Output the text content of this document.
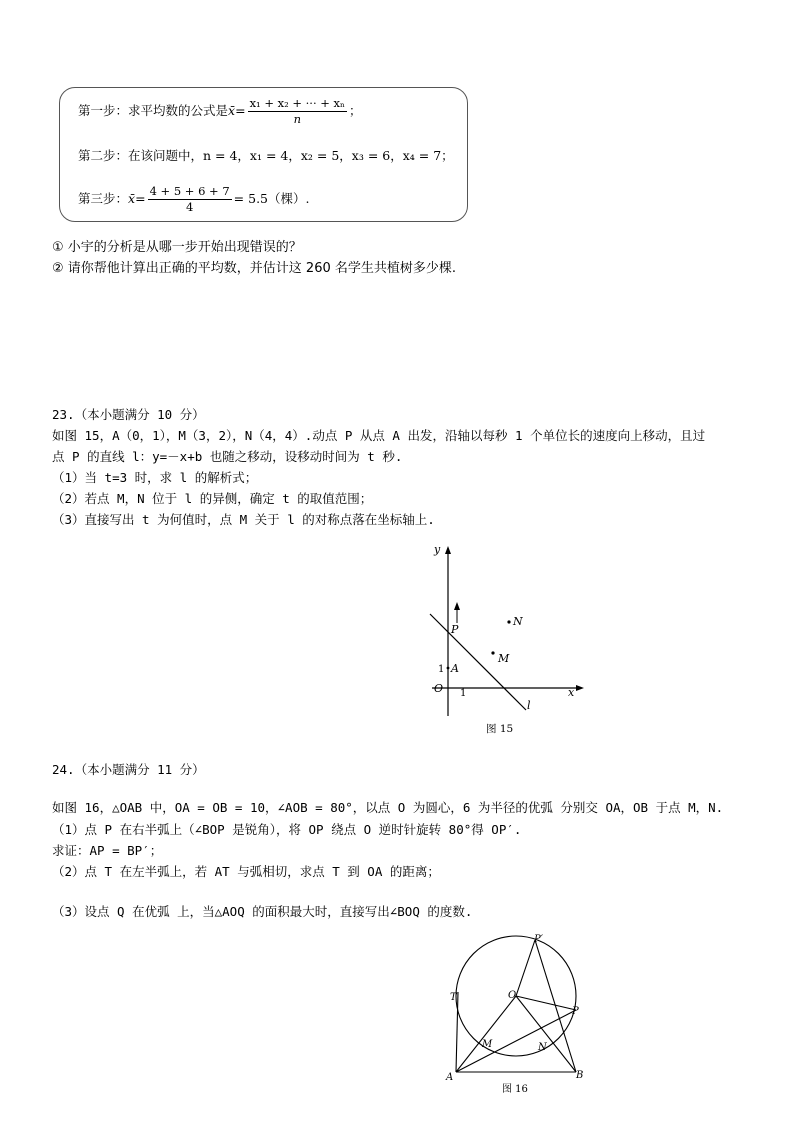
第一步：求平均数的公式是x̄= $\frac{\text{x₁ + x₂ + ··· + xₙ}}{n}$ ；
第二步：在该问题中，n = 4，x₁ = 4，x₂ = 5，x₃ = 6，x₄ = 7；
第三步：x̄= $\frac{4 + 5 + 6 + 7}{4} = 5.5$（棵）.
① 小宇的分析是从哪一步开始出现错误的？
② 请你帮他计算出正确的平均数，并估计这 260 名学生共植树多少棵.
23.（本小题满分 10 分）
如图 15，A（0，1），M（3，2），N（4，4）.动点 P 从点 A 出发，沿轴以每秒 1 个单位长的速度向上移动，且过
点 P 的直线 l：y=－x+b 也随之移动，设移动时间为 t 秒.
（1）当 t=3 时，求 l 的解析式；
（2）若点 M，N 位于 l 的异侧，确定 t 的取值范围；
（3）直接写出 t 为何值时，点 M 关于 l 的对称点落在坐标轴上.
y
x
O 1
1 A
P
N
M
l
图 15
24.（本小题满分 11 分）
如图 16，△OAB 中，OA = OB = 10，∠AOB = 80°，以点 O 为圆心，6 为半径的优弧 分别交 OA，OB 于点 M，N.
（1）点 P 在右半弧上（∠BOP 是锐角），将 OP 绕点 O 逆时针旋转 80°得 OP′.
求证：AP = BP′；
（2）点 T 在左半弧上，若 AT 与弧相切，求点 T 到 OA 的距离；
（3）设点 Q 在优弧 上，当△AOQ 的面积最大时，直接写出∠BOQ 的度数.
P′
O
T
P
M	N
A	B
图 16
